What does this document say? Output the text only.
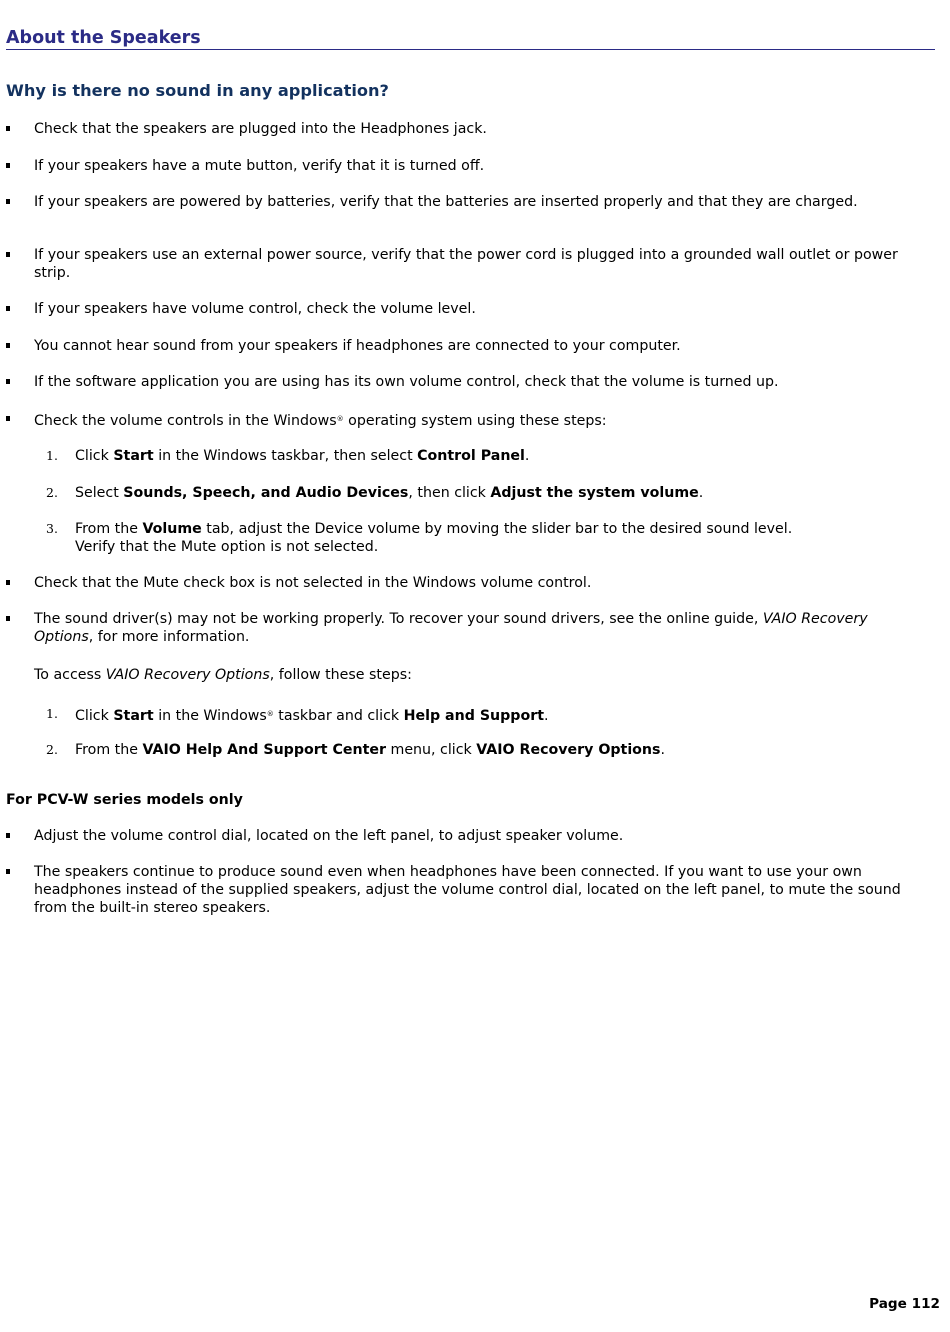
About the Speakers
Why is there no sound in any application?
Check that the speakers are plugged into the Headphones jack.
If your speakers have a mute button, verify that it is turned off.
If your speakers are powered by batteries, verify that the batteries are inserted properly and that they are charged.
If your speakers use an external power source, verify that the power cord is plugged into a grounded wall outlet or power strip.
If your speakers have volume control, check the volume level.
You cannot hear sound from your speakers if headphones are connected to your computer.
If the software application you are using has its own volume control, check that the volume is turned up.
Check the volume controls in the Windows® operating system using these steps:
1. Click Start in the Windows taskbar, then select Control Panel.
2. Select Sounds, Speech, and Audio Devices, then click Adjust the system volume.
3. From the Volume tab, adjust the Device volume by moving the slider bar to the desired sound level. Verify that the Mute option is not selected.
Check that the Mute check box is not selected in the Windows volume control.
The sound driver(s) may not be working properly. To recover your sound drivers, see the online guide, VAIO Recovery Options, for more information.
To access VAIO Recovery Options, follow these steps:
1. Click Start in the Windows® taskbar and click Help and Support.
2. From the VAIO Help And Support Center menu, click VAIO Recovery Options.
For PCV-W series models only
Adjust the volume control dial, located on the left panel, to adjust speaker volume.
The speakers continue to produce sound even when headphones have been connected. If you want to use your own headphones instead of the supplied speakers, adjust the volume control dial, located on the left panel, to mute the sound from the built-in stereo speakers.
Page 112
